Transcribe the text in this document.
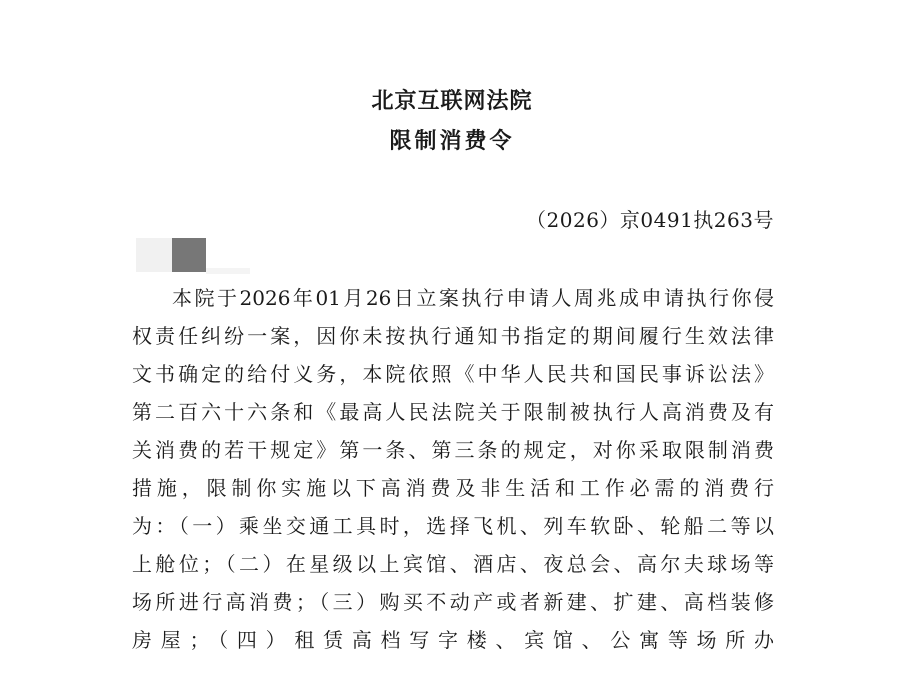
北京互联网法院
限制消费令
（2026）京0491执263号
本院于2026年01月26日立案执行申请人周兆成申请执行你侵
权责任纠纷一案，因你未按执行通知书指定的期间履行生效法律
文书确定的给付义务，本院依照《中华人民共和国民事诉讼法》
第二百六十六条和《最高人民法院关于限制被执行人高消费及有
关消费的若干规定》第一条、第三条的规定，对你采取限制消费
措施，限制你实施以下高消费及非生活和工作必需的消费行
为：（一）乘坐交通工具时，选择飞机、列车软卧、轮船二等以
上舱位；（二）在星级以上宾馆、酒店、夜总会、高尔夫球场等
场所进行高消费；（三）购买不动产或者新建、扩建、高档装修
房屋；（四）租赁高档写字楼、宾馆、公寓等场所办
